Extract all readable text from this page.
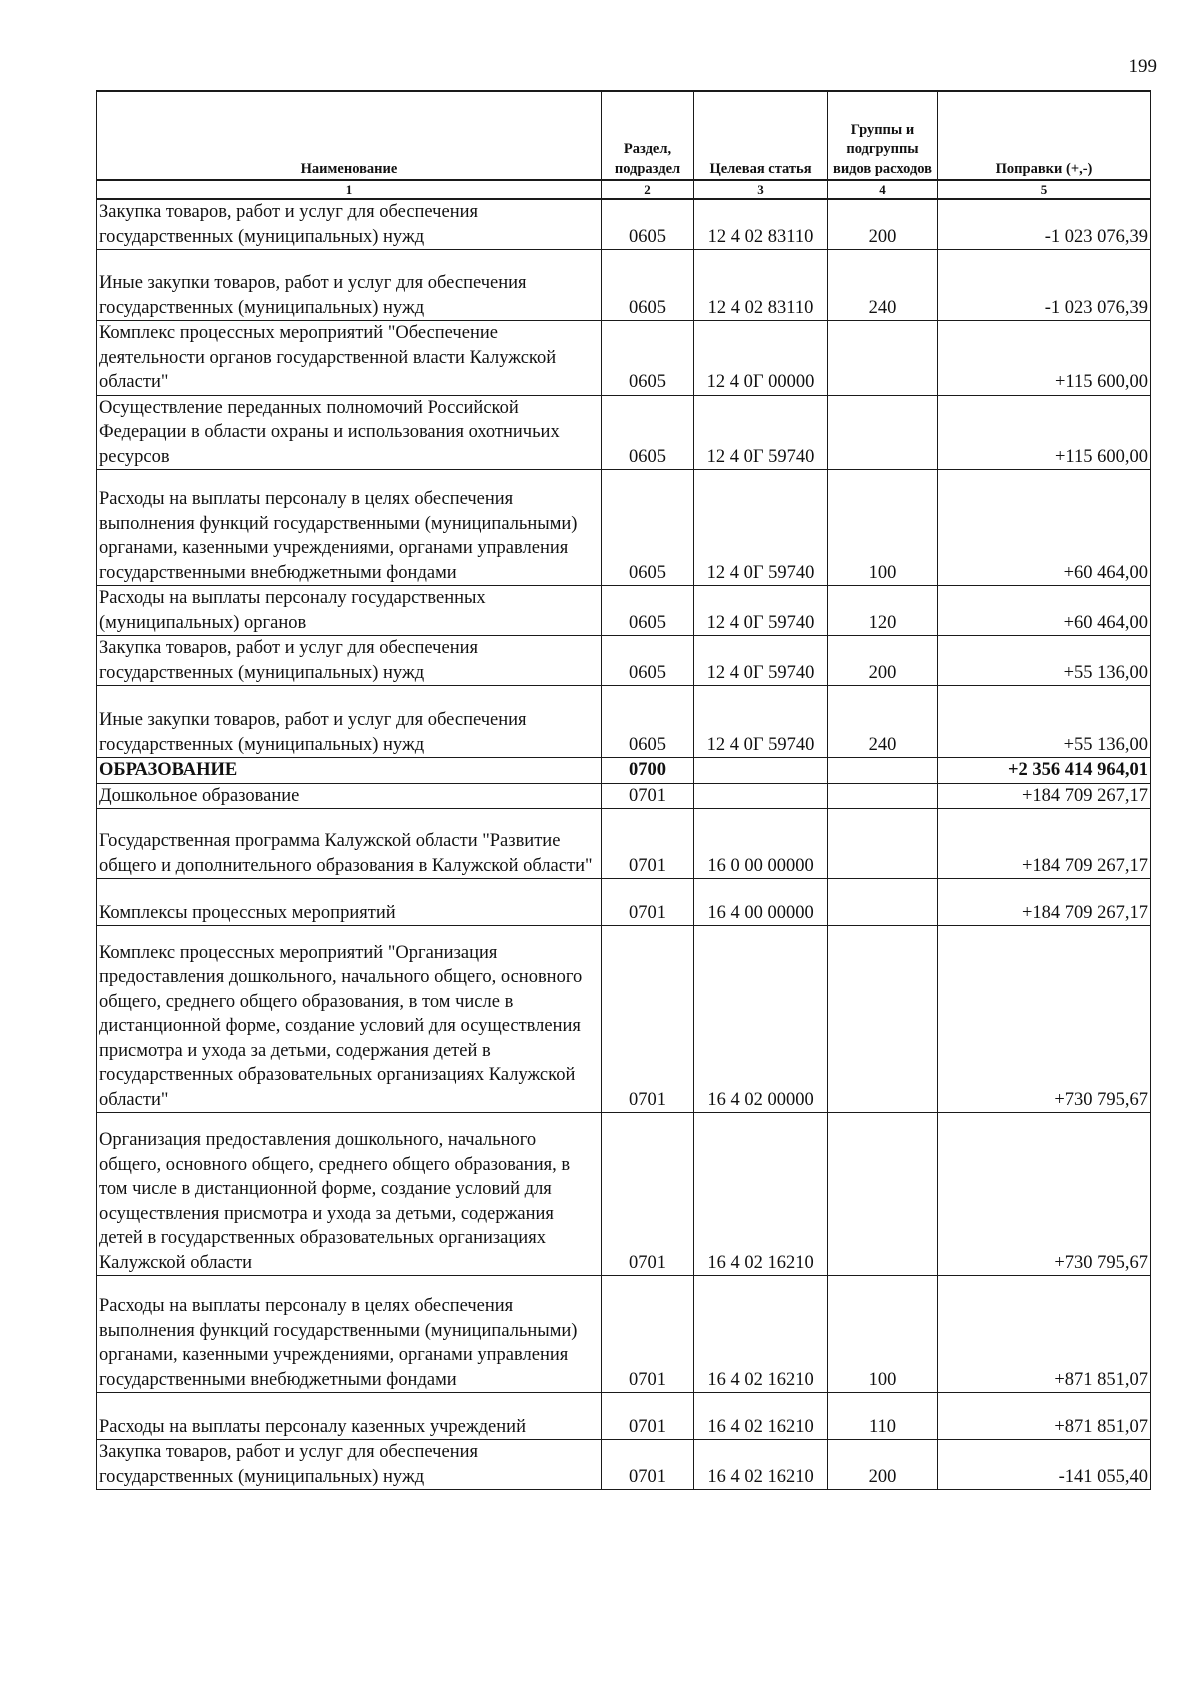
199
Наименование	Раздел, подраздел	Целевая статья	Группы и подгруппы видов расходов	Поправки (+,-)
1	2	3	4	5
Закупка товаров, работ и услуг для обеспечения государственных (муниципальных) нужд	0605	12 4 02 83110	200	-1 023 076,39
Иные закупки товаров, работ и услуг для обеспечения государственных (муниципальных) нужд	0605	12 4 02 83110	240	-1 023 076,39
Комплекс процессных мероприятий "Обеспечение деятельности органов государственной власти Калужской области"	0605	12 4 0Г 00000		+115 600,00
Осуществление переданных полномочий Российской Федерации в области охраны и использования охотничьих ресурсов	0605	12 4 0Г 59740		+115 600,00
Расходы на выплаты персоналу в целях обеспечения выполнения функций государственными (муниципальными) органами, казенными учреждениями, органами управления государственными внебюджетными фондами	0605	12 4 0Г 59740	100	+60 464,00
Расходы на выплаты персоналу государственных (муниципальных) органов	0605	12 4 0Г 59740	120	+60 464,00
Закупка товаров, работ и услуг для обеспечения государственных (муниципальных) нужд	0605	12 4 0Г 59740	200	+55 136,00
Иные закупки товаров, работ и услуг для обеспечения государственных (муниципальных) нужд	0605	12 4 0Г 59740	240	+55 136,00
ОБРАЗОВАНИЕ	0700			+2 356 414 964,01
Дошкольное образование	0701			+184 709 267,17
Государственная программа Калужской области "Развитие общего и дополнительного образования в Калужской области"	0701	16 0 00 00000		+184 709 267,17
Комплексы процессных мероприятий	0701	16 4 00 00000		+184 709 267,17
Комплекс процессных мероприятий "Организация предоставления дошкольного, начального общего, основного общего, среднего общего образования, в том числе в дистанционной форме, создание условий для осуществления присмотра и ухода за детьми, содержания детей в государственных образовательных организациях Калужской области"	0701	16 4 02 00000		+730 795,67
Организация предоставления дошкольного, начального общего, основного общего, среднего общего образования, в том числе в дистанционной форме, создание условий для осуществления присмотра и ухода за детьми, содержания детей в государственных образовательных организациях Калужской области	0701	16 4 02 16210		+730 795,67
Расходы на выплаты персоналу в целях обеспечения выполнения функций государственными (муниципальными) органами, казенными учреждениями, органами управления государственными внебюджетными фондами	0701	16 4 02 16210	100	+871 851,07
Расходы на выплаты персоналу казенных учреждений	0701	16 4 02 16210	110	+871 851,07
Закупка товаров, работ и услуг для обеспечения государственных (муниципальных) нужд	0701	16 4 02 16210	200	-141 055,40
